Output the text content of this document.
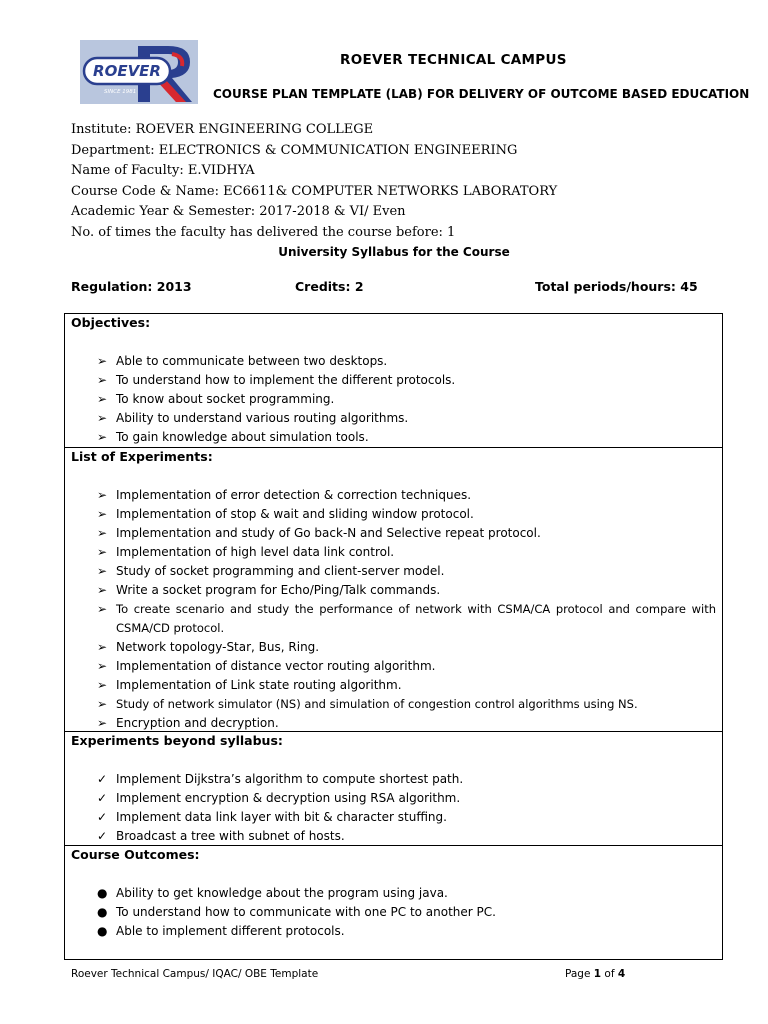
ROEVER
SINCE 1981
ROEVER TECHNICAL CAMPUS
COURSE PLAN TEMPLATE (LAB) FOR DELIVERY OF OUTCOME BASED EDUCATION
Institute: ROEVER ENGINEERING COLLEGE
Department: ELECTRONICS & COMMUNICATION ENGINEERING
Name of Faculty: E.VIDHYA
Course Code & Name: EC6611& COMPUTER NETWORKS LABORATORY
Academic Year & Semester: 2017-2018 & VI/ Even
No. of times the faculty has delivered the course before: 1
University Syllabus for the Course
Regulation: 2013	Credits: 2	Total periods/hours: 45
Objectives:
➢ Able to communicate between two desktops.
➢ To understand how to implement the different protocols.
➢ To know about socket programming.
➢ Ability to understand various routing algorithms.
➢ To gain knowledge about simulation tools.
List of Experiments:
➢ Implementation of error detection & correction techniques.
➢ Implementation of stop & wait and sliding window protocol.
➢ Implementation and study of Go back-N and Selective repeat protocol.
➢ Implementation of high level data link control.
➢ Study of socket programming and client-server model.
➢ Write a socket program for Echo/Ping/Talk commands.
➢ To create scenario and study the performance of network with CSMA/CA protocol and compare with CSMA/CD protocol.
➢ Network topology-Star, Bus, Ring.
➢ Implementation of distance vector routing algorithm.
➢ Implementation of Link state routing algorithm.
➢ Study of network simulator (NS) and simulation of congestion control algorithms using NS.
➢ Encryption and decryption.
Experiments beyond syllabus:
✓ Implement Dijkstra’s algorithm to compute shortest path.
✓ Implement encryption & decryption using RSA algorithm.
✓ Implement data link layer with bit & character stuffing.
✓ Broadcast a tree with subnet of hosts.
Course Outcomes:
● Ability to get knowledge about the program using java.
● To understand how to communicate with one PC to another PC.
● Able to implement different protocols.
Roever Technical Campus/ IQAC/ OBE Template	Page 1 of 4
